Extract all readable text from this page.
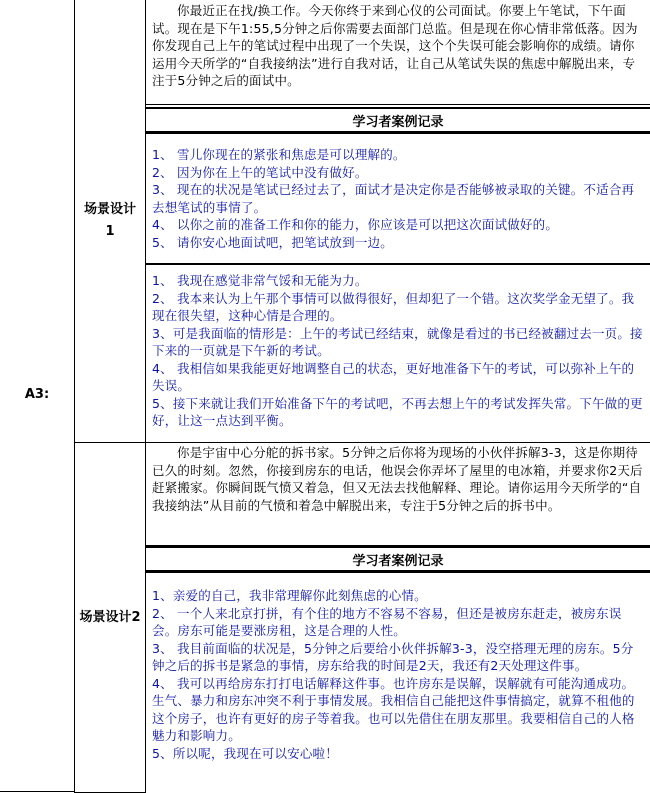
A3:
场景设计
1

你最近正在找/换工作。今天你终于来到心仪的公司面试。你要上午笔试，下午面试。现在是下午1:55,5分钟之后你需要去面部门总监。但是现在你心情非常低落。因为你发现自己上午的笔试过程中出现了一个失误，这个个失误可能会影响你的成绩。请你运用今天所学的“自我接纳法”进行自我对话，让自己从笔试失误的焦虑中解脱出来，专注于5分钟之后的面试中。

学习者案例记录
1、 雪儿你现在的紧张和焦虑是可以理解的。
2、 因为你在上午的笔试中没有做好。
3、 现在的状况是笔试已经过去了，面试才是决定你是否能够被录取的关键。不适合再去想笔试的事情了。
4、 以你之前的准备工作和你的能力，你应该是可以把这次面试做好的。
5、 请你安心地面试吧，把笔试放到一边。
1、 我现在感觉非常气馁和无能为力。
2、 我本来认为上午那个事情可以做得很好，但却犯了一个错。这次奖学金无望了。我现在很失望，这种心情是合理的。
3、可是我面临的情形是：上午的考试已经结束，就像是看过的书已经被翻过去一页。接下来的一页就是下午新的考试。
4、 我相信如果我能更好地调整自己的状态，更好地准备下午的考试，可以弥补上午的失误。
5、接下来就让我们开始准备下午的考试吧，不再去想上午的考试发挥失常。下午做的更好，让这一点达到平衡。
场景设计2

你是宇宙中心分舵的拆书家。5分钟之后你将为现场的小伙伴拆解3-3，这是你期待已久的时刻。忽然，你接到房东的电话，他误会你弄坏了屋里的电冰箱，并要求你2天后赶紧搬家。你瞬间既气愤又着急，但又无法去找他解释、理论。请你运用今天所学的“自我接纳法”从目前的气愤和着急中解脱出来，专注于5分钟之后的拆书中。

学习者案例记录
1、亲爱的自己，我非常理解你此刻焦虑的心情。
2、 一个人来北京打拼，有个住的地方不容易不容易，但还是被房东赶走，被房东误会。房东可能是要涨房租，这是合理的人性。
3、 我目前面临的状况是，5分钟之后要给小伙伴拆解3-3，没空搭理无理的房东。5分钟之后的拆书是紧急的事情，房东给我的时间是2天，我还有2天处理这件事。
4、 我可以再给房东打打电话解释这件事。也许房东是误解，误解就有可能沟通成功。生气、暴力和房东冲突不利于事情发展。我相信自己能把这件事情搞定，就算不租他的这个房子，也许有更好的房子等着我。也可以先借住在朋友那里。我要相信自己的人格魅力和影响力。
5、所以呢，我现在可以安心啦！
